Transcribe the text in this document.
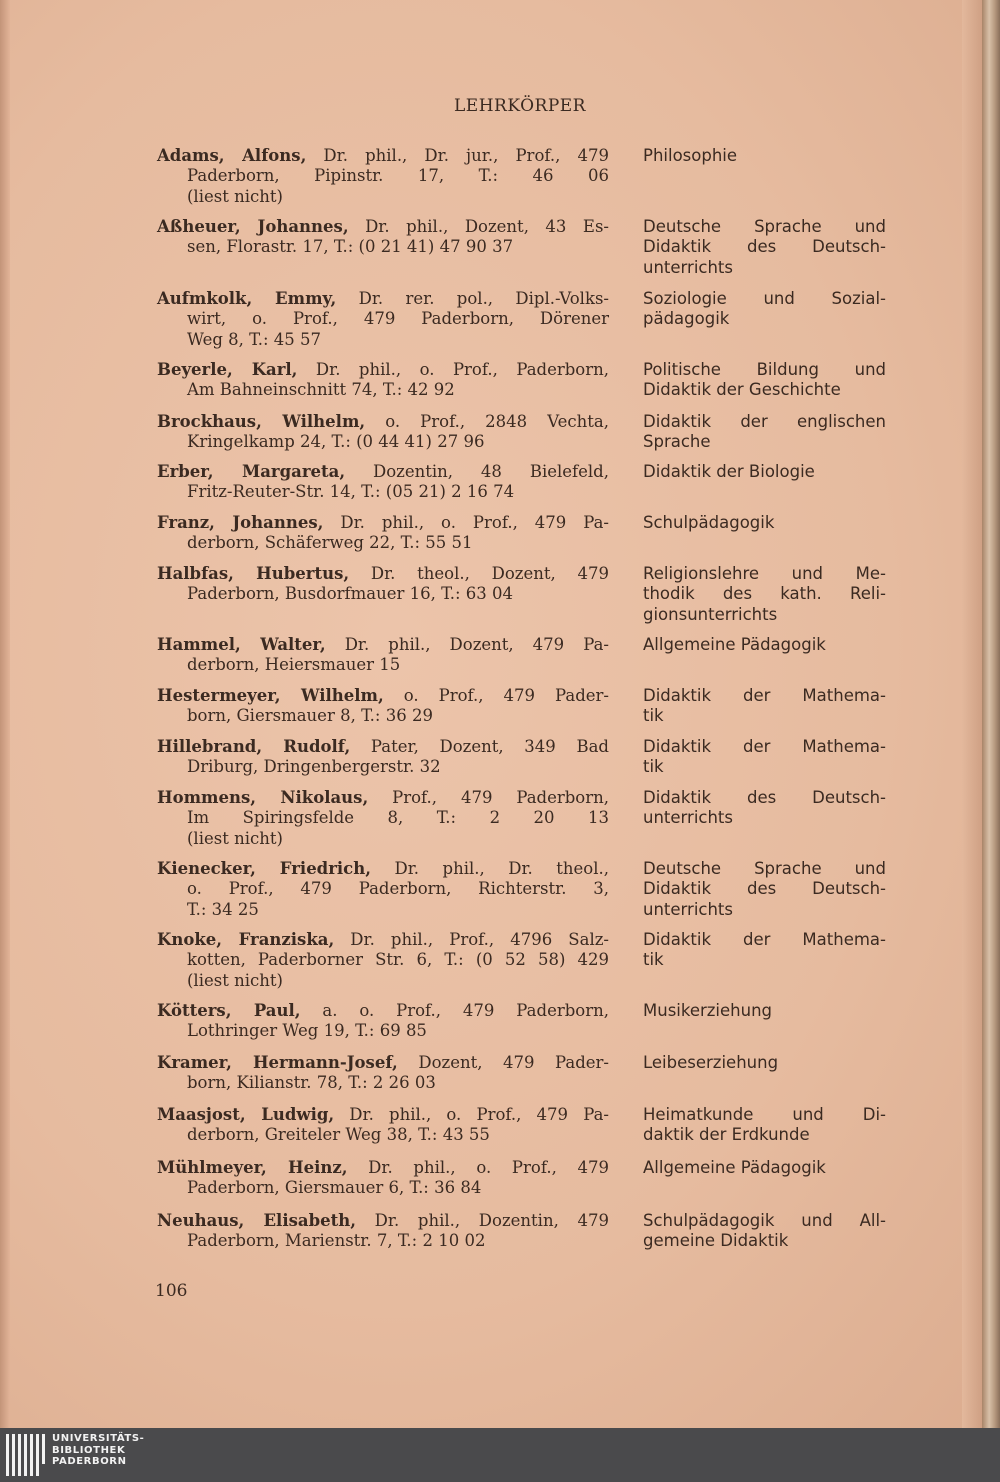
LEHRKÖRPER
Adams, Alfons, Dr. phil., Dr. jur., Prof., 479
Paderborn, Pipinstr. 17, T.: 46 06
(liest nicht)
Philosophie
Aßheuer, Johannes, Dr. phil., Dozent, 43 Es-
sen, Florastr. 17, T.: (0 21 41) 47 90 37
Deutsche Sprache und
Didaktik des Deutsch-
unterrichts
Aufmkolk, Emmy, Dr. rer. pol., Dipl.-Volks-
wirt, o. Prof., 479 Paderborn, Dörener
Weg 8, T.: 45 57
Soziologie und Sozial-
pädagogik
Beyerle, Karl, Dr. phil., o. Prof., Paderborn,
Am Bahneinschnitt 74, T.: 42 92
Politische Bildung und
Didaktik der Geschichte
Brockhaus, Wilhelm, o. Prof., 2848 Vechta,
Kringelkamp 24, T.: (0 44 41) 27 96
Didaktik der englischen
Sprache
Erber, Margareta, Dozentin, 48 Bielefeld,
Fritz-Reuter-Str. 14, T.: (05 21) 2 16 74
Didaktik der Biologie
Franz, Johannes, Dr. phil., o. Prof., 479 Pa-
derborn, Schäferweg 22, T.: 55 51
Schulpädagogik
Halbfas, Hubertus, Dr. theol., Dozent, 479
Paderborn, Busdorfmauer 16, T.: 63 04
Religionslehre und Me-
thodik des kath. Reli-
gionsunterrichts
Hammel, Walter, Dr. phil., Dozent, 479 Pa-
derborn, Heiersmauer 15
Allgemeine Pädagogik
Hestermeyer, Wilhelm, o. Prof., 479 Pader-
born, Giersmauer 8, T.: 36 29
Didaktik der Mathema-
tik
Hillebrand, Rudolf, Pater, Dozent, 349 Bad
Driburg, Dringenbergerstr. 32
Didaktik der Mathema-
tik
Hommens, Nikolaus, Prof., 479 Paderborn,
Im Spiringsfelde 8, T.: 2 20 13
(liest nicht)
Didaktik des Deutsch-
unterrichts
Kienecker, Friedrich, Dr. phil., Dr. theol.,
o. Prof., 479 Paderborn, Richterstr. 3,
T.: 34 25
Deutsche Sprache und
Didaktik des Deutsch-
unterrichts
Knoke, Franziska, Dr. phil., Prof., 4796 Salz-
kotten, Paderborner Str. 6, T.: (0 52 58) 429
(liest nicht)
Didaktik der Mathema-
tik
Kötters, Paul, a. o. Prof., 479 Paderborn,
Lothringer Weg 19, T.: 69 85
Musikerziehung
Kramer, Hermann-Josef, Dozent, 479 Pader-
born, Kilianstr. 78, T.: 2 26 03
Leibeserziehung
Maasjost, Ludwig, Dr. phil., o. Prof., 479 Pa-
derborn, Greiteler Weg 38, T.: 43 55
Heimatkunde und Di-
daktik der Erdkunde
Mühlmeyer, Heinz, Dr. phil., o. Prof., 479
Paderborn, Giersmauer 6, T.: 36 84
Allgemeine Pädagogik
Neuhaus, Elisabeth, Dr. phil., Dozentin, 479
Paderborn, Marienstr. 7, T.: 2 10 02
Schulpädagogik und All-
gemeine Didaktik
106
UNIVERSITÄTS-
BIBLIOTHEK
PADERBORN
